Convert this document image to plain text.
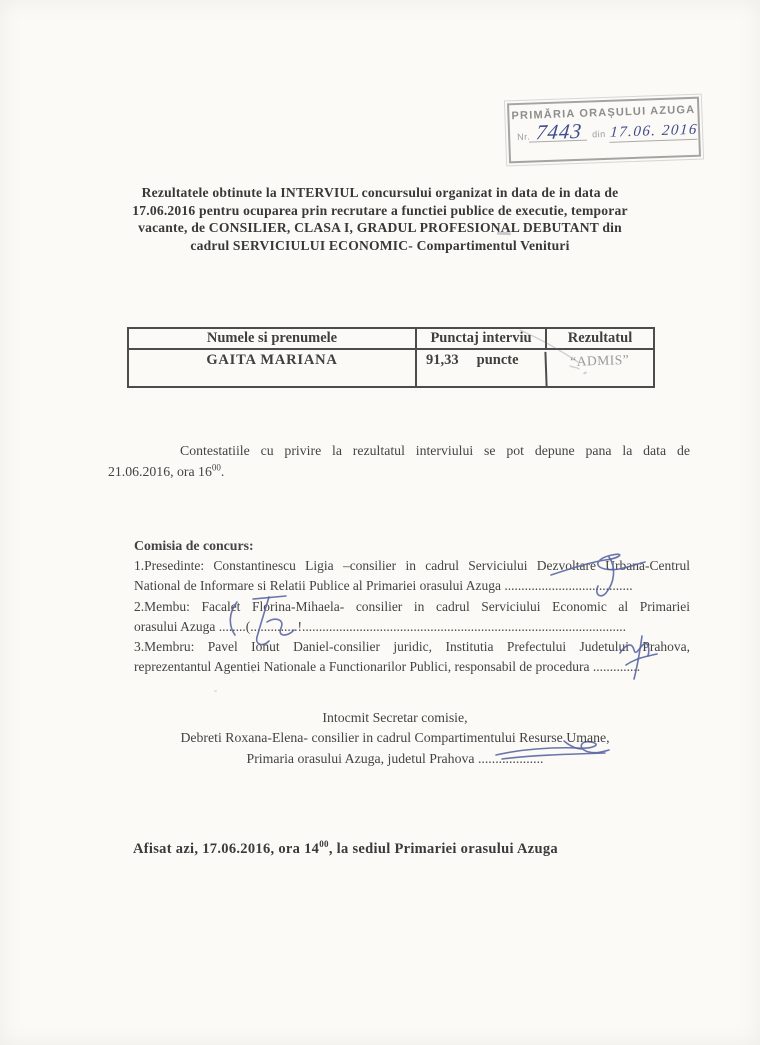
PRIMĂRIA ORAȘULUI AZUGA
Nr. 7443 din 17.06. 2016
Rezultatele obtinute la INTERVIUL concursului organizat in data de in data de
17.06.2016 pentru ocuparea prin recrutare a functiei publice de executie, temporar
vacante, de CONSILIER, CLASA I, GRADUL PROFESIONAL DEBUTANT din
cadrul SERVICIULUI ECONOMIC- Compartimentul Venituri
Numele si prenumele	Punctaj interviu	Rezultatul
GAITA MARIANA	91,33 puncte	“ADMIS”
Contestatiile cu privire la rezultatul interviului se pot depune pana la data de
21.06.2016, ora $16^{00}$.
Comisia de concurs:
1.Presedinte: Constantinescu Ligia –consilier in cadrul Serviciului Dezvoltare Urbana-Centrul
National de Informare si Relatii Publice al Primariei orasului Azuga ......................................
2.Membu: Facalet Florina-Mihaela- consilier in cadrul Serviciului Economic al Primariei
orasului Azuga ........(..............!................................................................................................
3.Membru: Pavel Ionut Daniel-consilier juridic, Institutia Prefectului Judetului Prahova,
reprezentantul Agentiei Nationale a Functionarilor Publici, responsabil de procedura ..............
Intocmit Secretar comisie,
Debreti Roxana-Elena- consilier in cadrul Compartimentului Resurse Umane,
Primaria orasului Azuga, judetul Prahova ...................
Afisat azi, 17.06.2016, ora $14^{00}$, la sediul Primariei orasului Azuga
